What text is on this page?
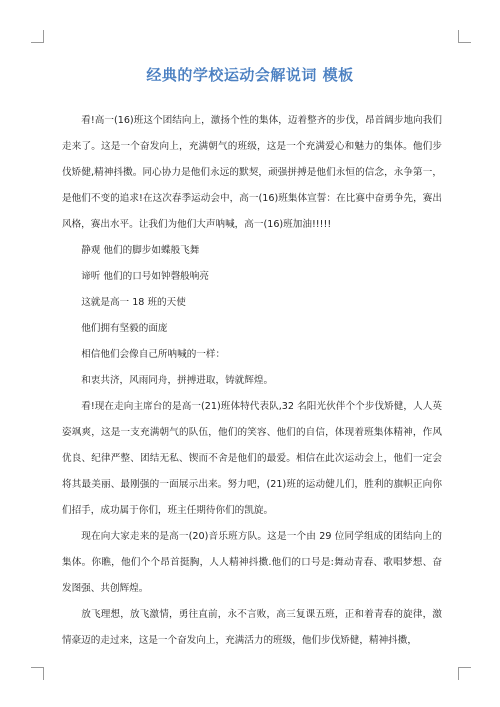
经典的学校运动会解说词 模板

看!高一(16)班这个团结向上，激扬个性的集体，迈着整齐的步伐，昂首阔步地向我们走来了。这是一个奋发向上，充满朝气的班级，这是一个充满爱心和魅力的集体。他们步伐矫健,精神抖擞。同心协力是他们永远的默契，顽强拼搏是他们永恒的信念，永争第一，是他们不变的追求!在这次春季运动会中，高一(16)班集体宣誓：在比赛中奋勇争先，赛出风格，赛出水平。让我们为他们大声呐喊，高一(16)班加油!!!!!

静观 他们的脚步如蝶般飞舞

谛听 他们的口号如钟磬般响亮

这就是高一 18 班的天使

他们拥有坚毅的面庞

相信他们会像自己所呐喊的一样：

和衷共济，风雨同舟，拼搏进取，铸就辉煌。

看!现在走向主席台的是高一(21)班体特代表队,32 名阳光伙伴个个步伐矫健，人人英姿飒爽，这是一支充满朝气的队伍，他们的笑容、他们的自信，体现着班集体精神，作风优良、纪律严整、团结无私、锲而不舍是他们的最爱。相信在此次运动会上，他们一定会将其最美丽、最刚强的一面展示出来。努力吧，(21)班的运动健儿们，胜利的旗帜正向你们招手，成功属于你们，班主任期待你们的凯旋。

现在向大家走来的是高一(20)音乐班方队。这是一个由 29 位同学组成的团结向上的集体。你瞧，他们个个昂首挺胸，人人精神抖擞.他们的口号是:舞动青春、歌唱梦想、奋发图强、共创辉煌。

放飞理想，放飞激情，勇往直前，永不言败，高三复课五班，正和着青春的旋律，激情豪迈的走过来，这是一个奋发向上，充满活力的班级，他们步伐矫健，精神抖擞，
